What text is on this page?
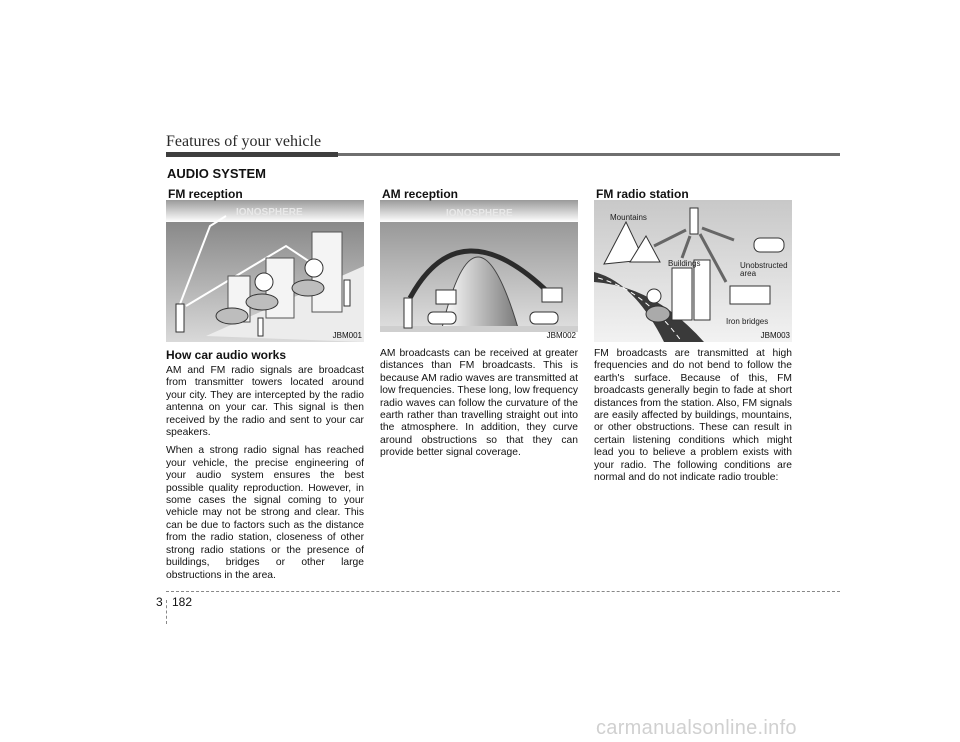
Features of your vehicle
AUDIO SYSTEM
IONOSPHERE
FM reception
JBM001
How car audio works

AM and FM radio signals are broadcast from transmitter towers located around your city. They are intercepted by the radio antenna on your car. This signal is then received by the radio and sent to your car speakers.

When a strong radio signal has reached your vehicle, the precise engineering of your audio system ensures the best possible quality reproduction. However, in some cases the signal coming to your vehicle may not be strong and clear. This can be due to factors such as the distance from the radio station, closeness of other strong radio stations or the presence of buildings, bridges or other large obstructions in the area.

IONOSPHERE
AM reception
JBM002

AM broadcasts can be received at greater distances than FM broadcasts. This is because AM radio waves are transmitted at low frequencies. These long, low frequency radio waves can follow the curvature of the earth rather than travelling straight out into the atmosphere. In addition, they curve around obstructions so that they can provide better signal coverage.

Mountains
Buildings	Unobstructed
area
Iron bridges
FM radio station
JBM003

FM broadcasts are transmitted at high frequencies and do not bend to follow the earth's surface. Because of this, FM broadcasts generally begin to fade at short distances from the station. Also, FM signals are easily affected by buildings, mountains, or other obstructions. These can result in certain listening conditions which might lead you to believe a problem exists with your radio. The following conditions are normal and do not indicate radio trouble:

3 182
carmanualsonline.info
